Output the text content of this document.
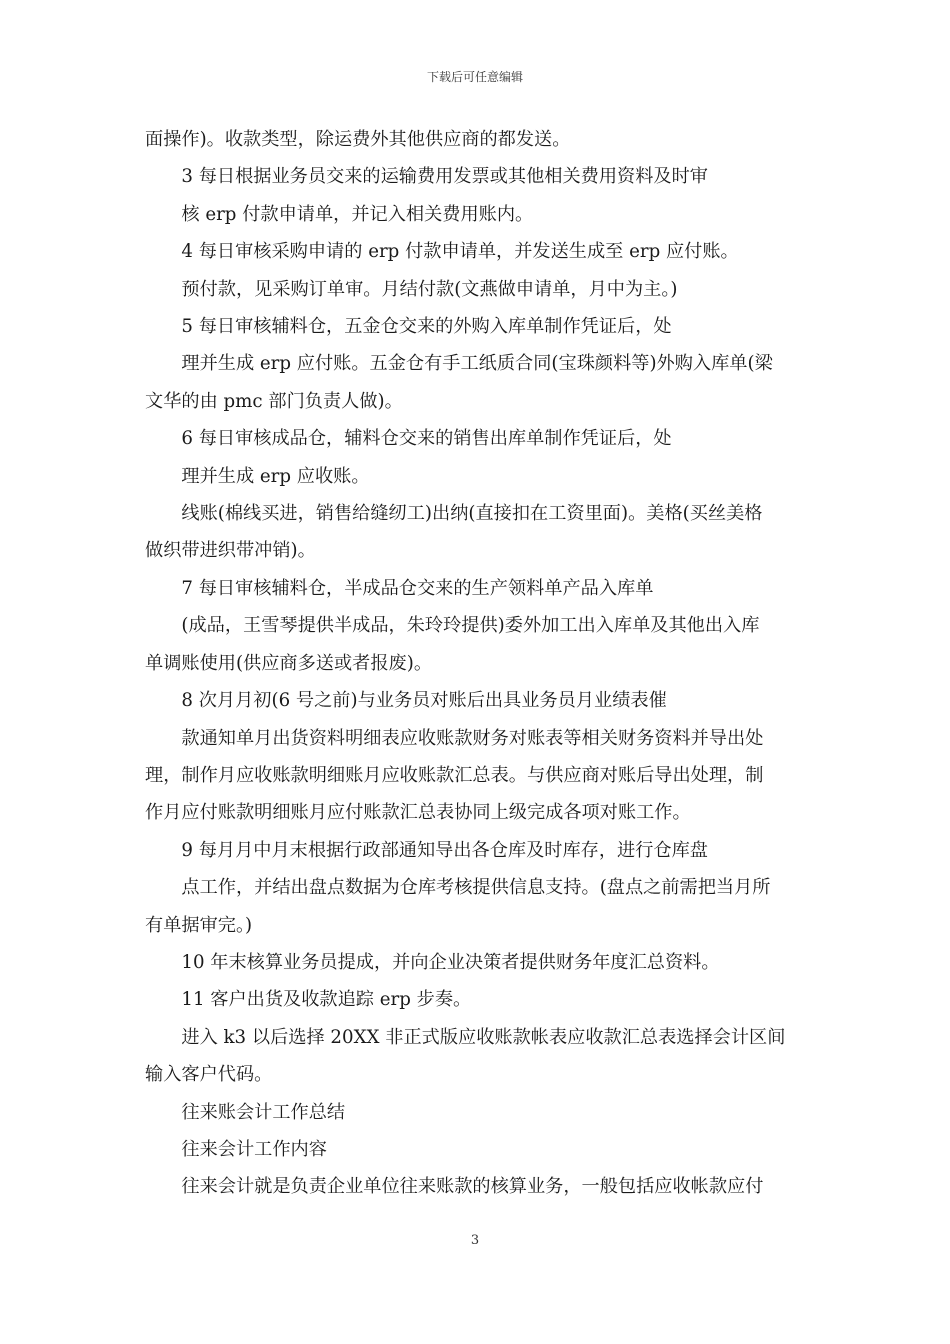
下载后可任意编辑

面操作)。收款类型，除运费外其他供应商的都发送。

　　3 每日根据业务员交来的运输费用发票或其他相关费用资料及时审

　　核 erp 付款申请单，并记入相关费用账内。

　　4 每日审核采购申请的 erp 付款申请单，并发送生成至 erp 应付账。

　　预付款，见采购订单审。月结付款(文燕做申请单，月中为主。)

　　5 每日审核辅料仓，五金仓交来的外购入库单制作凭证后，处

　　理并生成 erp 应付账。五金仓有手工纸质合同(宝珠颜料等)外购入库单(梁

文华的由 pmc 部门负责人做)。

　　6 每日审核成品仓，辅料仓交来的销售出库单制作凭证后，处

　　理并生成 erp 应收账。

　　线账(棉线买进，销售给缝纫工)出纳(直接扣在工资里面)。美格(买丝美格

做织带进织带冲销)。

　　7 每日审核辅料仓，半成品仓交来的生产领料单产品入库单

　　(成品，王雪琴提供半成品，朱玲玲提供)委外加工出入库单及其他出入库

单调账使用(供应商多送或者报废)。

　　8 次月月初(6 号之前)与业务员对账后出具业务员月业绩表催

　　款通知单月出货资料明细表应收账款财务对账表等相关财务资料并导出处

理，制作月应收账款明细账月应收账款汇总表。与供应商对账后导出处理，制

作月应付账款明细账月应付账款汇总表协同上级完成各项对账工作。

　　9 每月月中月末根据行政部通知导出各仓库及时库存，进行仓库盘

　　点工作，并结出盘点数据为仓库考核提供信息支持。(盘点之前需把当月所

有单据审完。)

　　10 年末核算业务员提成，并向企业决策者提供财务年度汇总资料。

　　11 客户出货及收款追踪 erp 步奏。

　　进入 k3 以后选择 20XX 非正式版应收账款帐表应收款汇总表选择会计区间

输入客户代码。

　　往来账会计工作总结

　　往来会计工作内容

　　往来会计就是负责企业单位往来账款的核算业务，一般包括应收帐款应付

3
